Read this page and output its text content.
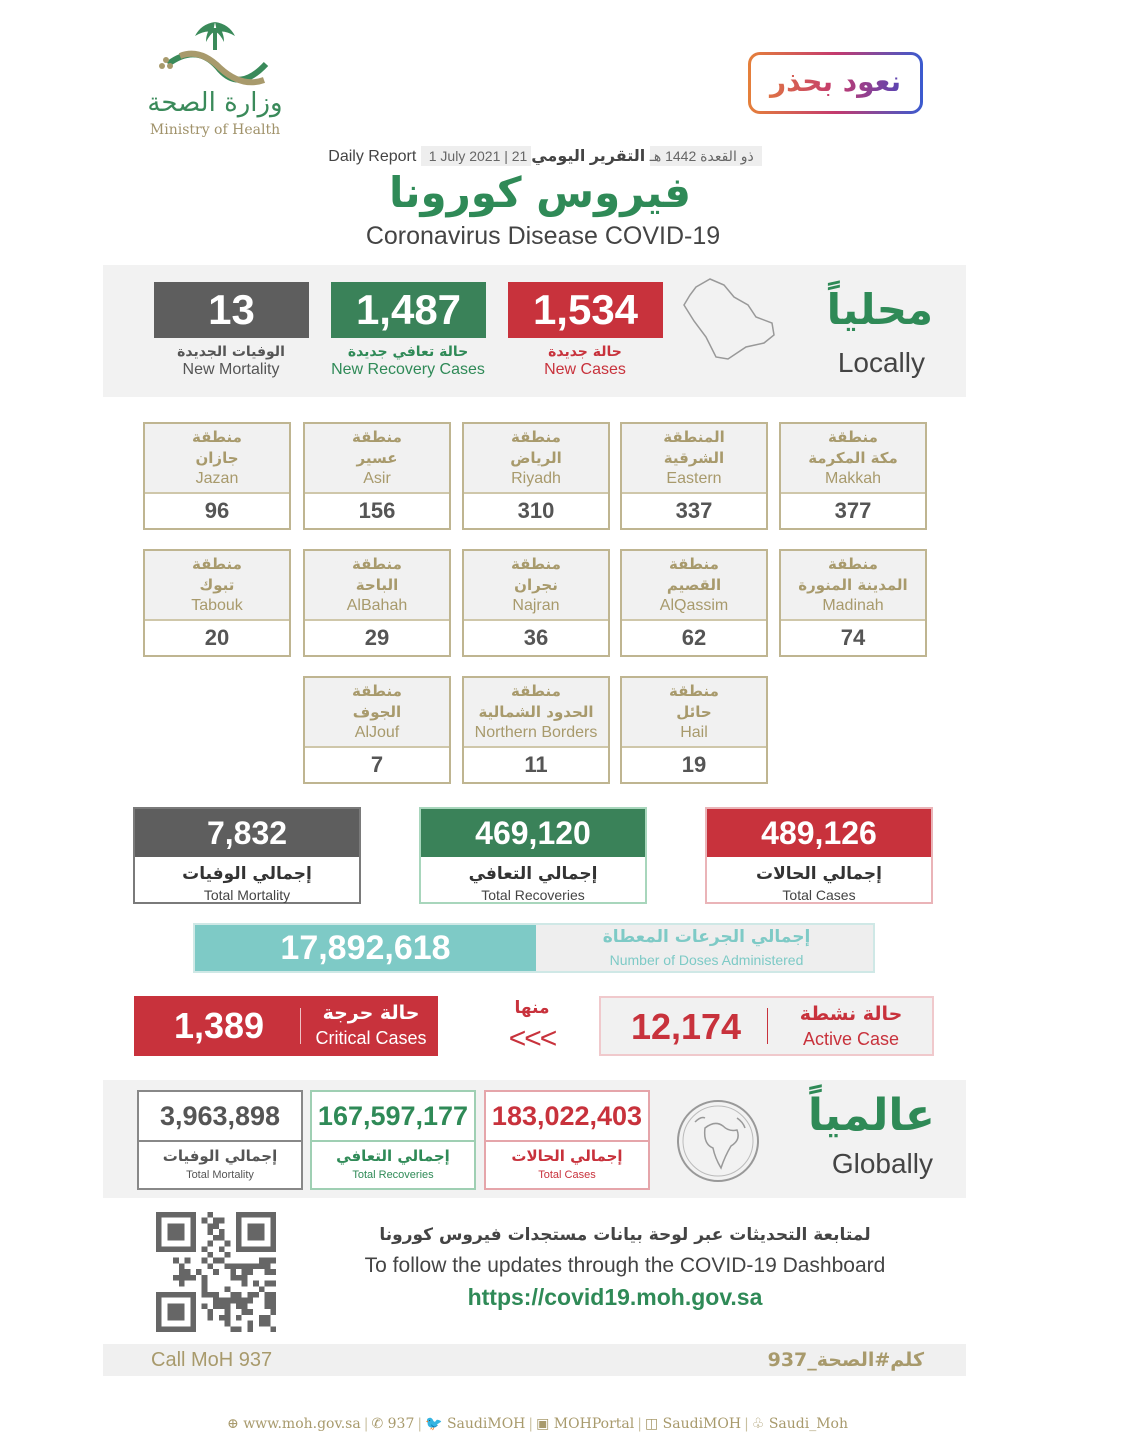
وزارة الصحة
Ministry of Health
نعود بحذر
Daily Report 1 July 2021 | 21 ذو القعدة 1442 هـ التقرير اليومي
فيروس كورونا
Coronavirus Disease COVID-19
13
الوفيات الجديدة
New Mortality
1,487
حالة تعافي جديدة
New Recovery Cases
1,534
حالة جديدة
New Cases
محلياً
Locally
منطقة
مكة المكرمة
Makkah
377
المنطقة
الشرقية
Eastern
337
منطقة
الرياض
Riyadh
310
منطقة
عسير
Asir
156
منطقة
جازان
Jazan
96
منطقة
المدينة المنورة
Madinah
74
منطقة
القصيم
AlQassim
62
منطقة
نجران
Najran
36
منطقة
الباحة
AlBahah
29
منطقة
تبوك
Tabouk
20
منطقة
حائل
Hail
19
منطقة
الحدود الشمالية
Northern Borders
11
منطقة
الجوف
AlJouf
7
7,832
إجمالي الوفيات
Total Mortality
469,120
إجمالي التعافي
Total Recoveries
489,126
إجمالي الحالات
Total Cases
17,892,618	إجمالي الجرعات المعطاة
Number of Doses Administered
1,389	حالة حرجة
Critical Cases
منها
<<<	12,174	حالة نشطة
Active Case
3,963,898
إجمالي الوفيات
Total Mortality
167,597,177
إجمالي التعافي
Total Recoveries
183,022,403
إجمالي الحالات
Total Cases
عالمياً
Globally
لمتابعة التحديثات عبر لوحة بيانات مستجدات فيروس كورونا
To follow the updates through the COVID-19 Dashboard
https://covid19.moh.gov.sa
Call MoH 937	كلم#الصحة_937
⊕ www.moh.gov.sa | ✆ 937 | 🐦 SaudiMOH | ▣ MOHPortal | ◫ SaudiMOH | ♧ Saudi_Moh
